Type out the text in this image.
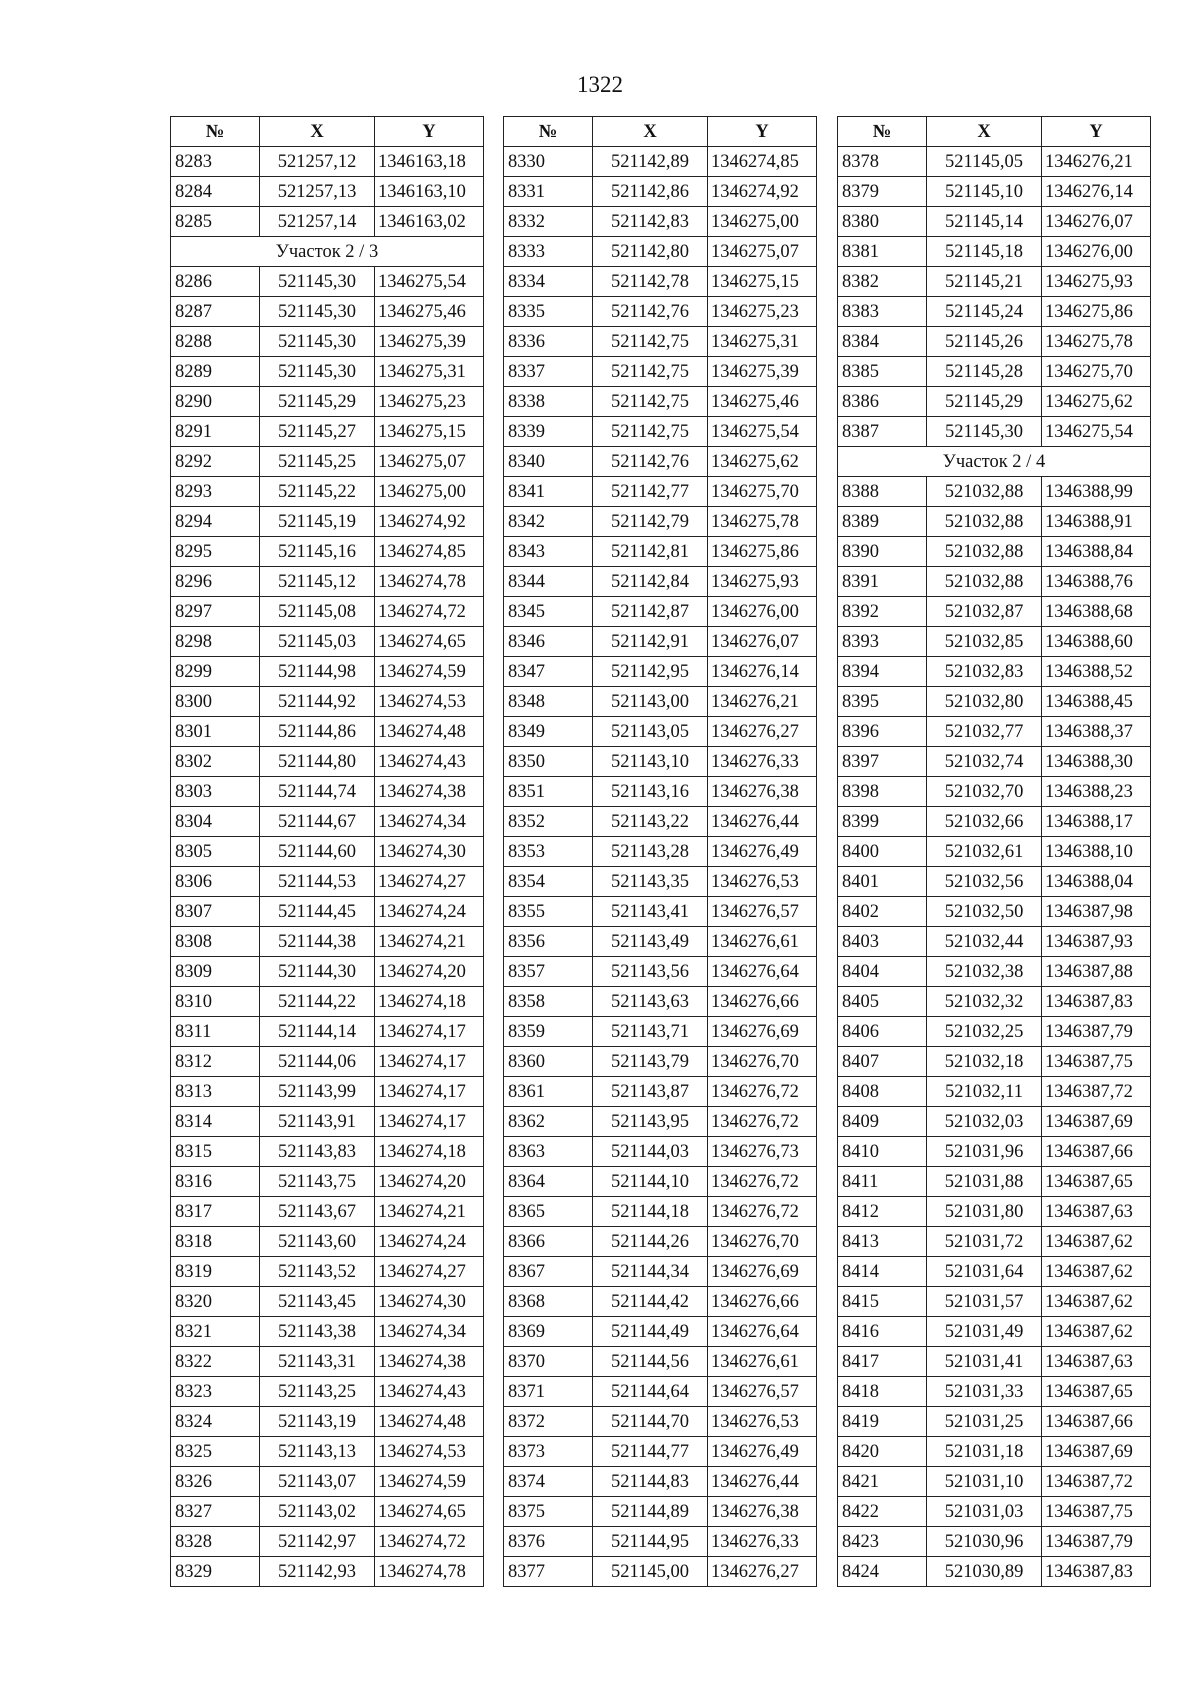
1322
№	X	Y
8283	521257,12	1346163,18
8284	521257,13	1346163,10
8285	521257,14	1346163,02
Участок 2 / 3		
8286	521145,30	1346275,54
8287	521145,30	1346275,46
8288	521145,30	1346275,39
8289	521145,30	1346275,31
8290	521145,29	1346275,23
8291	521145,27	1346275,15
8292	521145,25	1346275,07
8293	521145,22	1346275,00
8294	521145,19	1346274,92
8295	521145,16	1346274,85
8296	521145,12	1346274,78
8297	521145,08	1346274,72
8298	521145,03	1346274,65
8299	521144,98	1346274,59
8300	521144,92	1346274,53
8301	521144,86	1346274,48
8302	521144,80	1346274,43
8303	521144,74	1346274,38
8304	521144,67	1346274,34
8305	521144,60	1346274,30
8306	521144,53	1346274,27
8307	521144,45	1346274,24
8308	521144,38	1346274,21
8309	521144,30	1346274,20
8310	521144,22	1346274,18
8311	521144,14	1346274,17
8312	521144,06	1346274,17
8313	521143,99	1346274,17
8314	521143,91	1346274,17
8315	521143,83	1346274,18
8316	521143,75	1346274,20
8317	521143,67	1346274,21
8318	521143,60	1346274,24
8319	521143,52	1346274,27
8320	521143,45	1346274,30
8321	521143,38	1346274,34
8322	521143,31	1346274,38
8323	521143,25	1346274,43
8324	521143,19	1346274,48
8325	521143,13	1346274,53
8326	521143,07	1346274,59
8327	521143,02	1346274,65
8328	521142,97	1346274,72
8329	521142,93	1346274,78
№	X	Y
8330	521142,89	1346274,85
8331	521142,86	1346274,92
8332	521142,83	1346275,00
8333	521142,80	1346275,07
8334	521142,78	1346275,15
8335	521142,76	1346275,23
8336	521142,75	1346275,31
8337	521142,75	1346275,39
8338	521142,75	1346275,46
8339	521142,75	1346275,54
8340	521142,76	1346275,62
8341	521142,77	1346275,70
8342	521142,79	1346275,78
8343	521142,81	1346275,86
8344	521142,84	1346275,93
8345	521142,87	1346276,00
8346	521142,91	1346276,07
8347	521142,95	1346276,14
8348	521143,00	1346276,21
8349	521143,05	1346276,27
8350	521143,10	1346276,33
8351	521143,16	1346276,38
8352	521143,22	1346276,44
8353	521143,28	1346276,49
8354	521143,35	1346276,53
8355	521143,41	1346276,57
8356	521143,49	1346276,61
8357	521143,56	1346276,64
8358	521143,63	1346276,66
8359	521143,71	1346276,69
8360	521143,79	1346276,70
8361	521143,87	1346276,72
8362	521143,95	1346276,72
8363	521144,03	1346276,73
8364	521144,10	1346276,72
8365	521144,18	1346276,72
8366	521144,26	1346276,70
8367	521144,34	1346276,69
8368	521144,42	1346276,66
8369	521144,49	1346276,64
8370	521144,56	1346276,61
8371	521144,64	1346276,57
8372	521144,70	1346276,53
8373	521144,77	1346276,49
8374	521144,83	1346276,44
8375	521144,89	1346276,38
8376	521144,95	1346276,33
8377	521145,00	1346276,27
№	X	Y
8378	521145,05	1346276,21
8379	521145,10	1346276,14
8380	521145,14	1346276,07
8381	521145,18	1346276,00
8382	521145,21	1346275,93
8383	521145,24	1346275,86
8384	521145,26	1346275,78
8385	521145,28	1346275,70
8386	521145,29	1346275,62
8387	521145,30	1346275,54
Участок 2 / 4		
8388	521032,88	1346388,99
8389	521032,88	1346388,91
8390	521032,88	1346388,84
8391	521032,88	1346388,76
8392	521032,87	1346388,68
8393	521032,85	1346388,60
8394	521032,83	1346388,52
8395	521032,80	1346388,45
8396	521032,77	1346388,37
8397	521032,74	1346388,30
8398	521032,70	1346388,23
8399	521032,66	1346388,17
8400	521032,61	1346388,10
8401	521032,56	1346388,04
8402	521032,50	1346387,98
8403	521032,44	1346387,93
8404	521032,38	1346387,88
8405	521032,32	1346387,83
8406	521032,25	1346387,79
8407	521032,18	1346387,75
8408	521032,11	1346387,72
8409	521032,03	1346387,69
8410	521031,96	1346387,66
8411	521031,88	1346387,65
8412	521031,80	1346387,63
8413	521031,72	1346387,62
8414	521031,64	1346387,62
8415	521031,57	1346387,62
8416	521031,49	1346387,62
8417	521031,41	1346387,63
8418	521031,33	1346387,65
8419	521031,25	1346387,66
8420	521031,18	1346387,69
8421	521031,10	1346387,72
8422	521031,03	1346387,75
8423	521030,96	1346387,79
8424	521030,89	1346387,83
